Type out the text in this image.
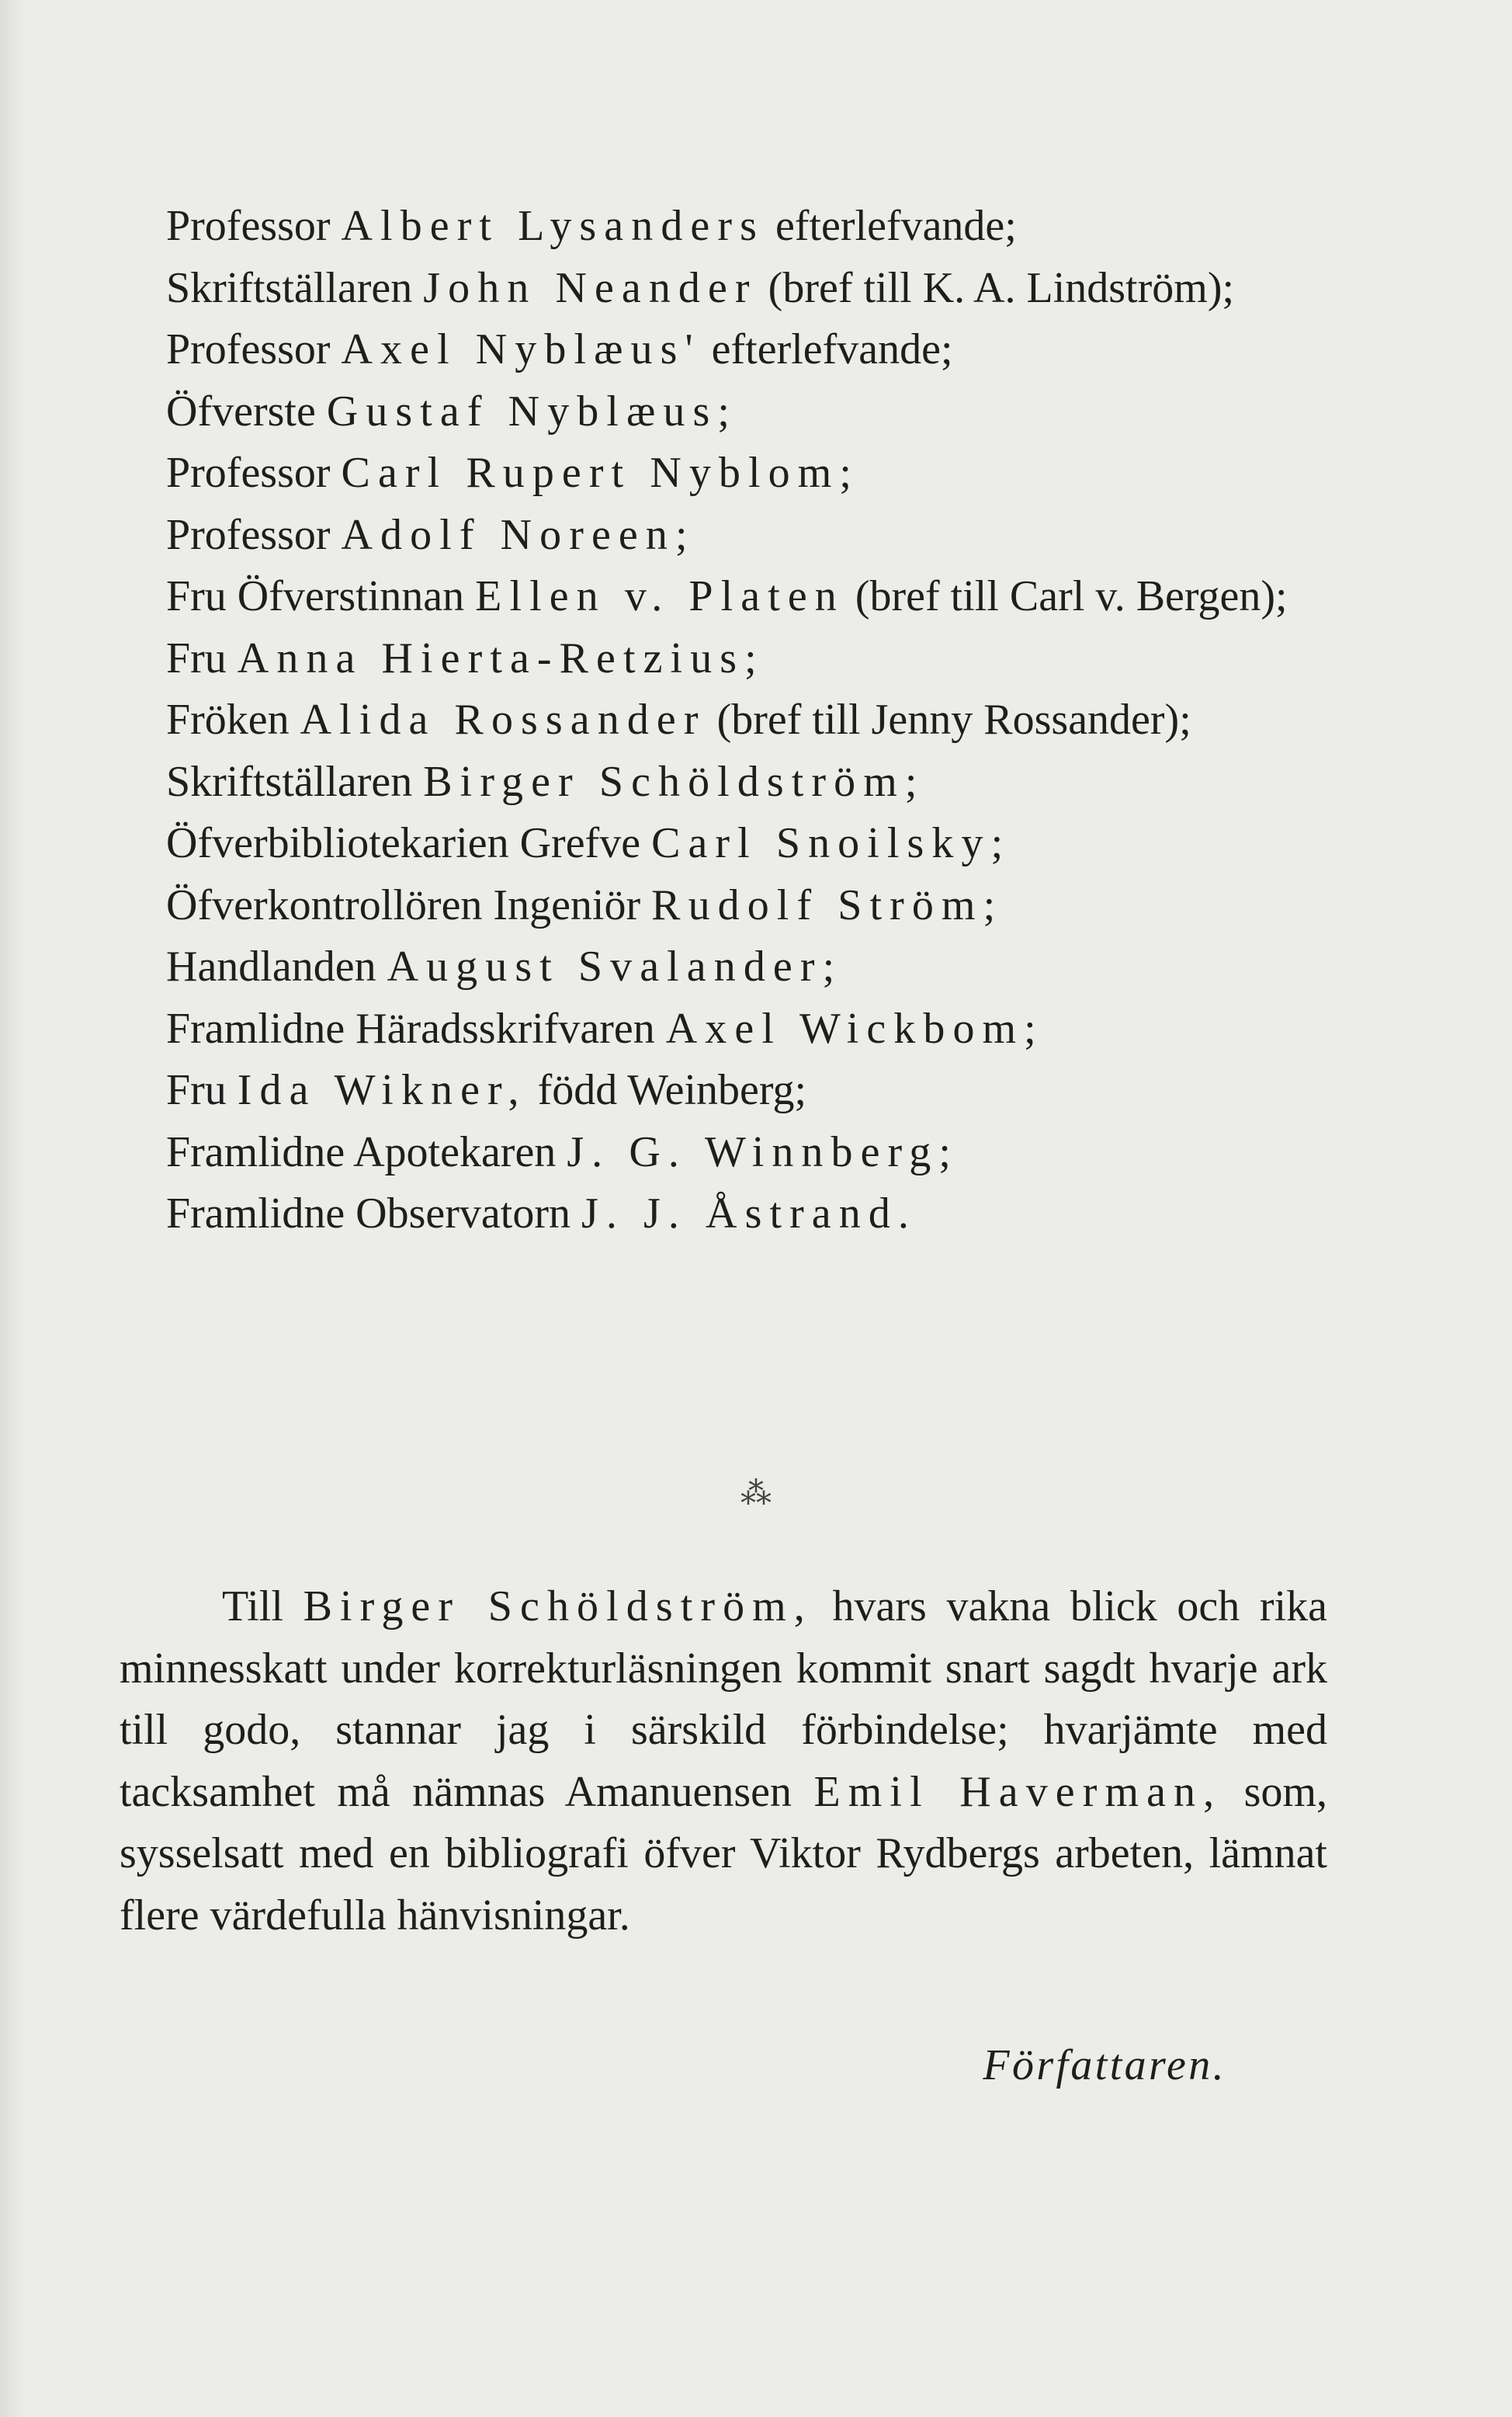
Professor Albert Lysanders efterlefvande;
Skriftställaren John Neander (bref till K. A. Lindström);
Professor Axel Nyblæus' efterlefvande;
Öfverste Gustaf Nyblæus;
Professor Carl Rupert Nyblom;
Professor Adolf Noreen;
Fru Öfverstinnan Ellen v. Platen (bref till Carl v. Bergen);
Fru Anna Hierta-Retzius;
Fröken Alida Rossander (bref till Jenny Rossander);
Skriftställaren Birger Schöldström;
Öfverbibliotekarien Grefve Carl Snoilsky;
Öfverkontrollören Ingeniör Rudolf Ström;
Handlanden August Svalander;
Framlidne Häradsskrifvaren Axel Wickbom;
Fru Ida Wikner, född Weinberg;
Framlidne Apotekaren J. G. Winnberg;
Framlidne Observatorn J. J. Åstrand.
⁂

Till Birger Schöldström, hvars vakna blick och rika minnesskatt under korrekturläsningen kommit snart sagdt hvarje ark till godo, stannar jag i särskild förbindelse; hvarjämte med tacksamhet må nämnas Amanuensen Emil Haverman, som, sysselsatt med en bibliografi öfver Viktor Rydbergs arbeten, lämnat flere värdefulla hänvisningar.

Författaren.
